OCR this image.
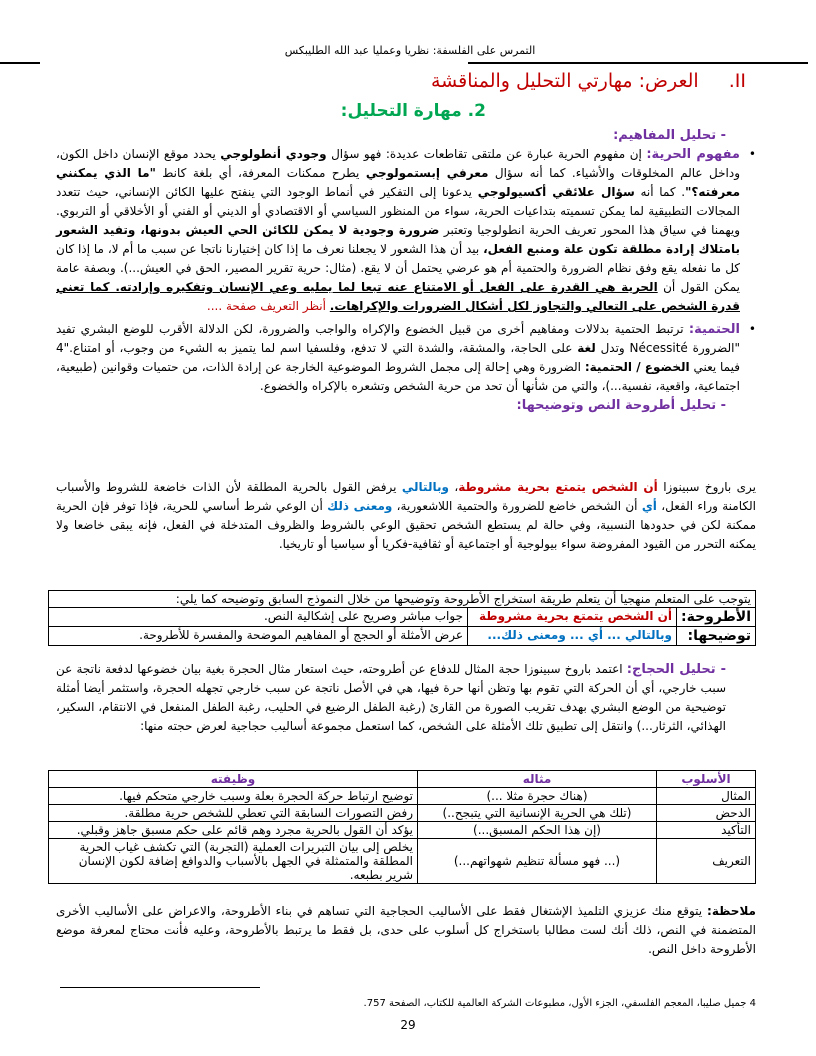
التمرس على الفلسفة: نظريا وعمليا عبد الله الطليبكس
II. العرض: مهارتي التحليل والمناقشة
2. مهارة التحليل:
- تحليل المفاهيم:
• مفهوم الحرية: إن مفهوم الحرية عبارة عن ملتقى تقاطعات عديدة: فهو سؤال وجودي أنطولوجي يحدد موقع الإنسان داخل الكون، وداخل عالم المخلوقات والأشياء. كما أنه سؤال معرفي إبستمولوجي يطرح ممكنات المعرفة، أي بلغة كانط "ما الذي يمكنني معرفته؟". كما أنه سؤال علائقي أكسيولوجي يدعونا إلى التفكير في أنماط الوجود التي ينفتح عليها الكائن الإنساني، حيث تتعدد المجالات التطبيقية لما يمكن تسميته بتداعيات الحرية، سواء من المنظور السياسي أو الاقتصادي أو الديني أو الفني أو الأخلاقي أو التربوي. ويهمنا في سياق هذا المحور تعريف الحرية انطولوجيا وتعتبر ضرورة وجودية لا يمكن للكائن الحي العيش بدونها، وتفيد الشعور بامتلاك إرادة مطلقة تكون علة ومنبع الفعل، بيد أن هذا الشعور لا يجعلنا نعرف ما إذا كان إختيارنا ناتجا عن سبب ما أم لا، ما إذا كان كل ما نفعله يقع وفق نظام الضرورة والحتمية أم هو عرضي يحتمل أن لا يقع. (مثال: حرية تقرير المصير، الحق في العيش...). وبصفة عامة يمكن القول أن الحرية هي القدرة على الفعل أو الامتناع عنه تبعا لما يمليه وعي الإنسان وتفكيره وإرادته. كما تعني قدرة الشخص على التعالي والتجاوز لكل أشكال الضرورات والإكراهات. أنظر التعريف صفحة ....
• الحتمية: ترتبط الحتمية بدلالات ومفاهيم أخرى من قبيل الخضوع والإكراه والواجب والضرورة، لكن الدلالة الأقرب للوضع البشري تفيد "الضرورة Nécessité وتدل لغة على الحاجة، والمشقة، والشدة التي لا تدفع، وفلسفيا اسم لما يتميز به الشيء من وجوب، أو امتناع."4 فيما يعني الخضوع / الحتمية: الضرورة وهي إحالة إلى مجمل الشروط الموضوعية الخارجة عن إرادة الذات، من حتميات وقوانين (طبيعية، اجتماعية، واقعية، نفسية...)، والتي من شأنها أن تحد من حرية الشخص وتشعره بالإكراه والخضوع.
- تحليل أطروحة النص وتوضيحها:
يرى باروخ سبينوزا أن الشخص يتمتع بحرية مشروطة، وبالتالي يرفض القول بالحرية المطلقة لأن الذات خاضعة للشروط والأسباب الكامنة وراء الفعل، أي أن الشخص خاضع للضرورة والحتمية اللاشعورية، ومعنى ذلك أن الوعي شرط أساسي للحرية، فإذا توفر فإن الحرية ممكنة لكن في حدودها النسبية، وفي حالة لم يستطع الشخص تحقيق الوعي بالشروط والظروف المتدخلة في الفعل، فإنه يبقى خاضعا ولا يمكنه التحرر من القيود المفروضة سواء بيولوجية أو اجتماعية أو ثقافية-فكريا أو سياسيا أو تاريخيا.
يتوجب على المتعلم منهجيا أن يتعلم طريقة استخراج الأطروحة وتوضيحها من خلال النموذج السابق وتوضيحه كما يلي:		
الأطروحة:	أن الشخص يتمتع بحرية مشروطة	جواب مباشر وصريح على إشكالية النص.
توضيحها:	وبالتالي ... أي ... ومعنى ذلك...	عرض الأمثلة أو الحجج أو المفاهيم الموضحة والمفسرة للأطروحة.
- تحليل الحجاج: اعتمد باروخ سبينوزا حجة المثال للدفاع عن أطروحته، حيث استعار مثال الحجرة بغية بيان خضوعها لدفعة ناتجة عن سبب خارجي، أي أن الحركة التي تقوم بها وتظن أنها حرة فيها، هي في الأصل ناتجة عن سبب خارجي تجهله الحجرة، واستثمر أيضا أمثلة توضيحية من الوضع البشري بهدف تقريب الصورة من القارئ (رغبة الطفل الرضيع في الحليب، رغبة الطفل المنفعل في الانتقام، السكير، الهذائي، الثرثار...) وانتقل إلى تطبيق تلك الأمثلة على الشخص، كما استعمل مجموعة أساليب حجاجية لعرض حجته منها:
الأسلوب	مثاله	وظيفته
المثال	(هناك حجرة مثلا ...)	توضيح ارتباط حركة الحجرة بعلة وسبب خارجي متحكم فيها.
الدحض	(تلك هي الحرية الإنسانية التي يتبجح..)	رفض التصورات السابقة التي تعطي للشخص حرية مطلقة.
التأكيد	(إن هذا الحكم المسبق...)	يؤكد أن القول بالحرية مجرد وهم قائم على حكم مسبق جاهز وقبلي.
التعريف	(... فهو مسألة تنظيم شهواتهم...)	يخلص إلى بيان التبريرات العملية (التجربة) التي تكشف غياب الحرية المطلقة والمتمثلة في الجهل بالأسباب والدوافع إضافة لكون الإنسان شرير بطبعه.
ملاحظة: يتوقع منك عزيزي التلميذ الإشتغال فقط على الأساليب الحجاجية التي تساهم في بناء الأطروحة، والاعراض على الأساليب الأخرى المتضمنة في النص، ذلك أنك لست مطالبا باستخراج كل أسلوب على حدى، بل فقط ما يرتبط بالأطروحة، وعليه فأنت محتاج لمعرفة موضع الأطروحة داخل النص.
4 جميل صليبا، المعجم الفلسفي، الجزء الأول، مطبوعات الشركة العالمية للكتاب، الصفحة 757.
29
